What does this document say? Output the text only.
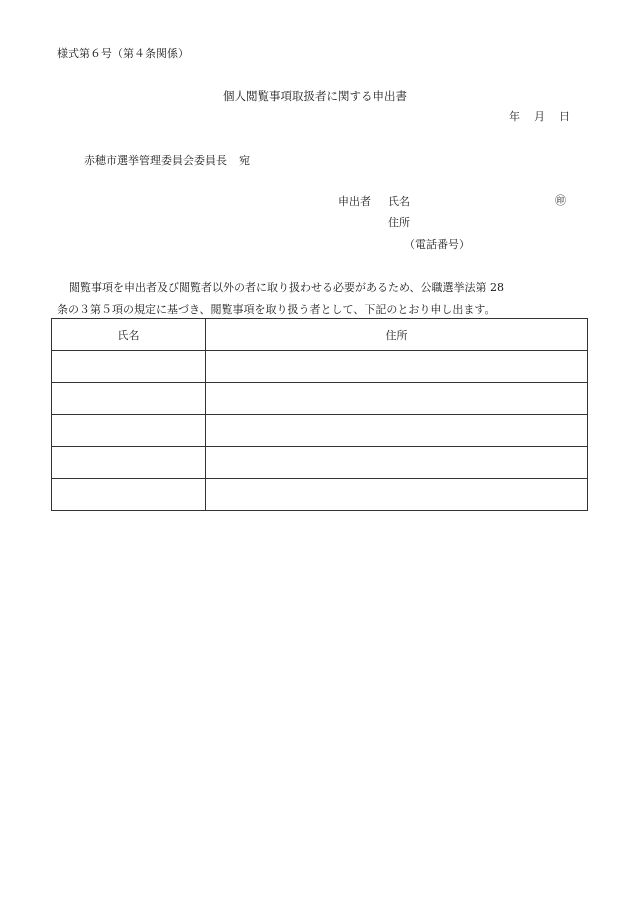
様式第６号（第４条関係）
個人閲覧事項取扱者に関する申出書
年 月 日
赤穂市選挙管理委員会委員長 宛
申出者 氏名	㊞
住所
（電話番号）
閲覧事項を申出者及び閲覧者以外の者に取り扱わせる必要があるため、公職選挙法第 28
条の３第５項の規定に基づき、閲覧事項を取り扱う者として、下記のとおり申し出ます。
氏名	住所
